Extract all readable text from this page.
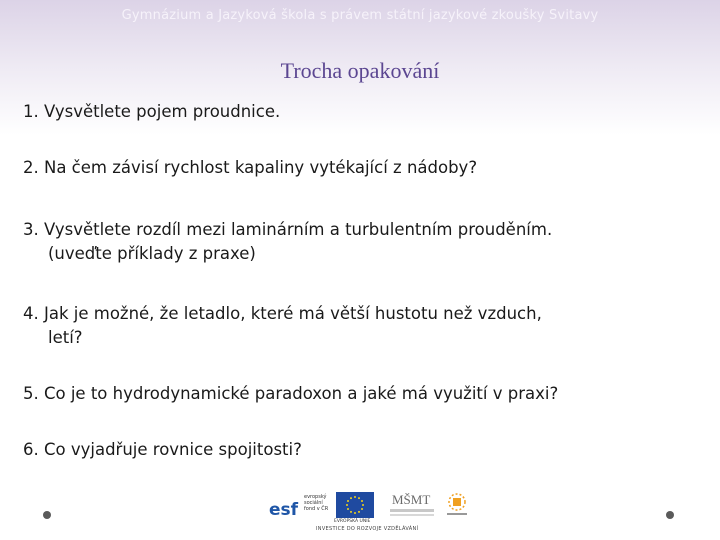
Gymnázium a Jazyková škola s právem státní jazykové zkoušky Svitavy
Trocha opakování
1. Vysvětlete pojem proudnice.
2. Na čem závisí rychlost kapaliny vytékající z nádoby?
3. Vysvětlete rozdíl mezi laminárním a turbulentním prouděním.
(uveďte příklady z praxe)
4. Jak je možné, že letadlo, které má větší hustotu než vzduch,
letí?
5. Co je to hydrodynamické paradoxon a jaké má využití v praxi?
6. Co vyjadřuje rovnice spojitosti?
esf
evropský sociální fond v ČR
EVROPSKÁ UNIE
MŠMT
INVESTICE DO ROZVOJE VZDĚLÁVÁNÍ
